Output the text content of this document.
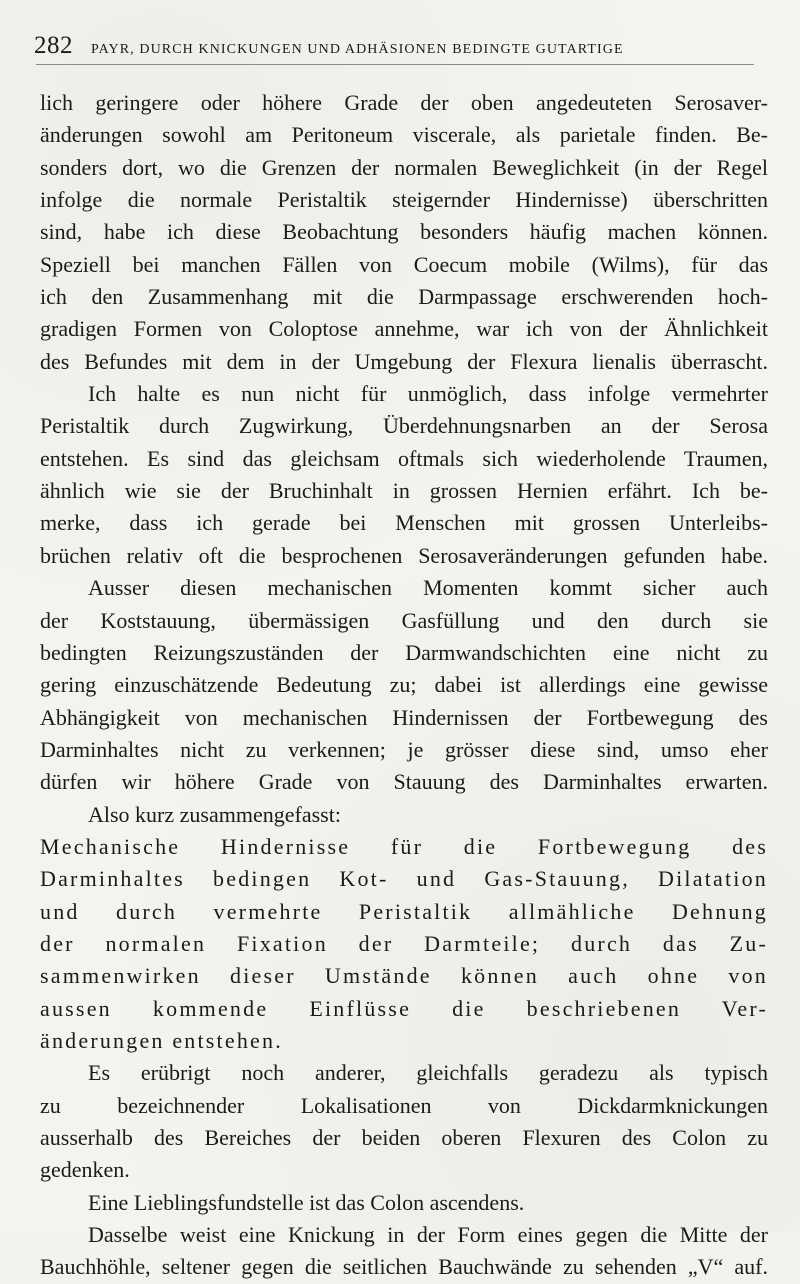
282 PAYR, DURCH KNICKUNGEN UND ADHÄSIONEN BEDINGTE GUTARTIGE
lich geringere oder höhere Grade der oben angedeuteten Serosaver-
änderungen sowohl am Peritoneum viscerale, als parietale finden. Be-
sonders dort, wo die Grenzen der normalen Beweglichkeit (in der Regel
infolge die normale Peristaltik steigernder Hindernisse) überschritten
sind, habe ich diese Beobachtung besonders häufig machen können.
Speziell bei manchen Fällen von Coecum mobile (Wilms), für das
ich den Zusammenhang mit die Darmpassage erschwerenden hoch-
gradigen Formen von Coloptose annehme, war ich von der Ähnlichkeit
des Befundes mit dem in der Umgebung der Flexura lienalis überrascht.
Ich halte es nun nicht für unmöglich, dass infolge vermehrter
Peristaltik durch Zugwirkung, Überdehnungsnarben an der Serosa
entstehen. Es sind das gleichsam oftmals sich wiederholende Traumen,
ähnlich wie sie der Bruchinhalt in grossen Hernien erfährt. Ich be-
merke, dass ich gerade bei Menschen mit grossen Unterleibs-
brüchen relativ oft die besprochenen Serosaveränderungen gefunden habe.
Ausser diesen mechanischen Momenten kommt sicher auch
der Koststauung, übermässigen Gasfüllung und den durch sie
bedingten Reizungszuständen der Darmwandschichten eine nicht zu
gering einzuschätzende Bedeutung zu; dabei ist allerdings eine gewisse
Abhängigkeit von mechanischen Hindernissen der Fortbewegung des
Darminhaltes nicht zu verkennen; je grösser diese sind, umso eher
dürfen wir höhere Grade von Stauung des Darminhaltes erwarten.
Also kurz zusammengefasst:
Mechanische Hindernisse für die Fortbewegung des
Darminhaltes bedingen Kot- und Gas-Stauung, Dilatation
und durch vermehrte Peristaltik allmähliche Dehnung
der normalen Fixation der Darmteile; durch das Zu-
sammenwirken dieser Umstände können auch ohne von
aussen kommende Einflüsse die beschriebenen Ver-
änderungen entstehen.
Es erübrigt noch anderer, gleichfalls geradezu als typisch
zu bezeichnender Lokalisationen von Dickdarmknickungen
ausserhalb des Bereiches der beiden oberen Flexuren des Colon zu
gedenken.
Eine Lieblingsfundstelle ist das Colon ascendens.
Dasselbe weist eine Knickung in der Form eines gegen die Mitte der
Bauchhöhle, seltener gegen die seitlichen Bauchwände zu sehenden „V“ auf.
